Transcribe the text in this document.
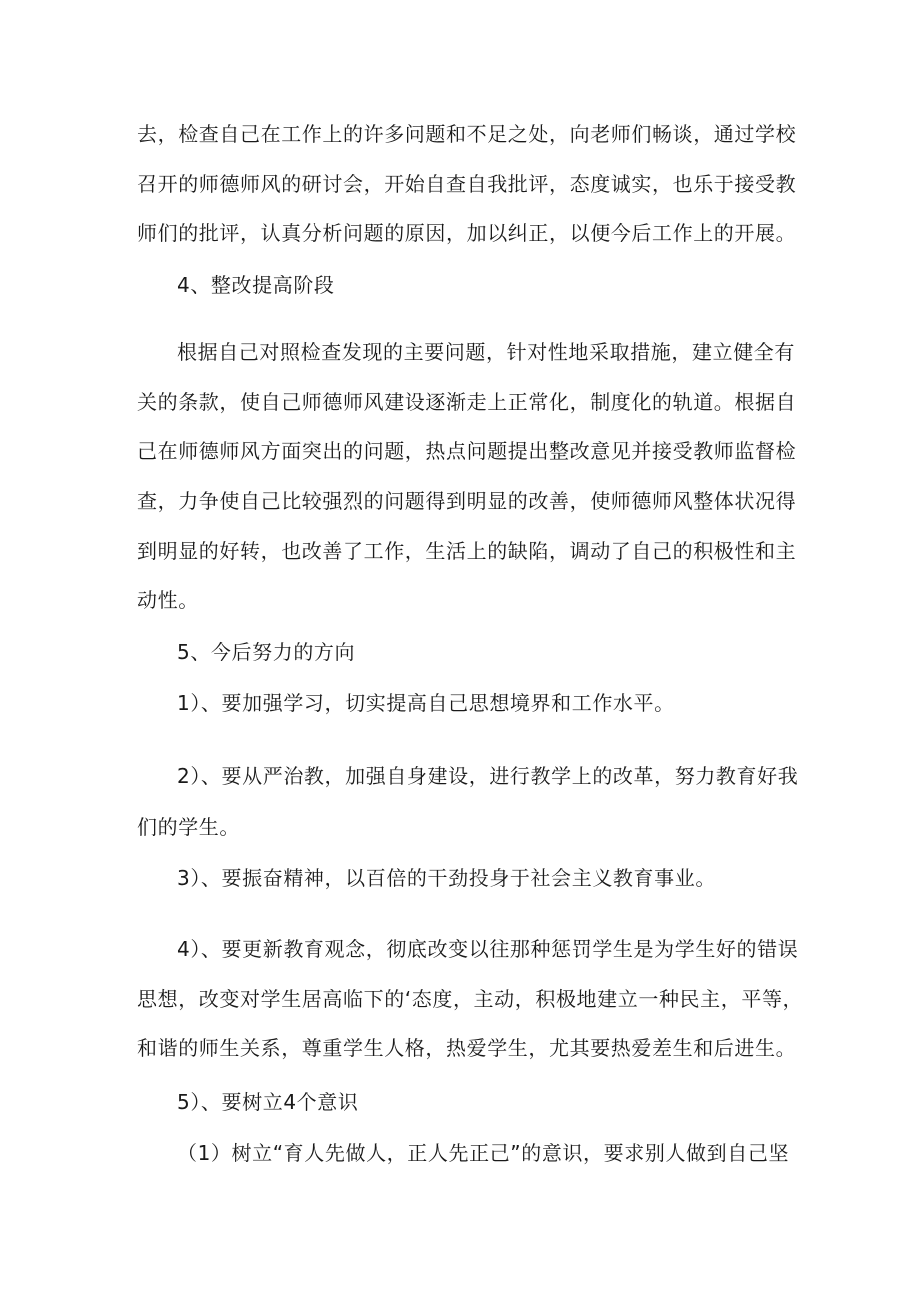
去，检查自己在工作上的许多问题和不足之处，向老师们畅谈，通过学校
召开的师德师风的研讨会，开始自查自我批评，态度诚实，也乐于接受教
师们的批评，认真分析问题的原因，加以纠正，以便今后工作上的开展。
4、整改提高阶段
根据自己对照检查发现的主要问题，针对性地采取措施，建立健全有
关的条款，使自己师德师风建设逐渐走上正常化，制度化的轨道。根据自
己在师德师风方面突出的问题，热点问题提出整改意见并接受教师监督检
查，力争使自己比较强烈的问题得到明显的改善，使师德师风整体状况得
到明显的好转，也改善了工作，生活上的缺陷，调动了自己的积极性和主
动性。
5、今后努力的方向
1）、要加强学习，切实提高自己思想境界和工作水平。
2）、要从严治教，加强自身建设，进行教学上的改革，努力教育好我
们的学生。
3）、要振奋精神，以百倍的干劲投身于社会主义教育事业。
4）、要更新教育观念，彻底改变以往那种惩罚学生是为学生好的错误
思想，改变对学生居高临下的‘态度，主动，积极地建立一种民主，平等，
和谐的师生关系，尊重学生人格，热爱学生，尤其要热爱差生和后进生。
5）、要树立4个意识
（1）树立“育人先做人，正人先正己”的意识，要求别人做到自己坚
